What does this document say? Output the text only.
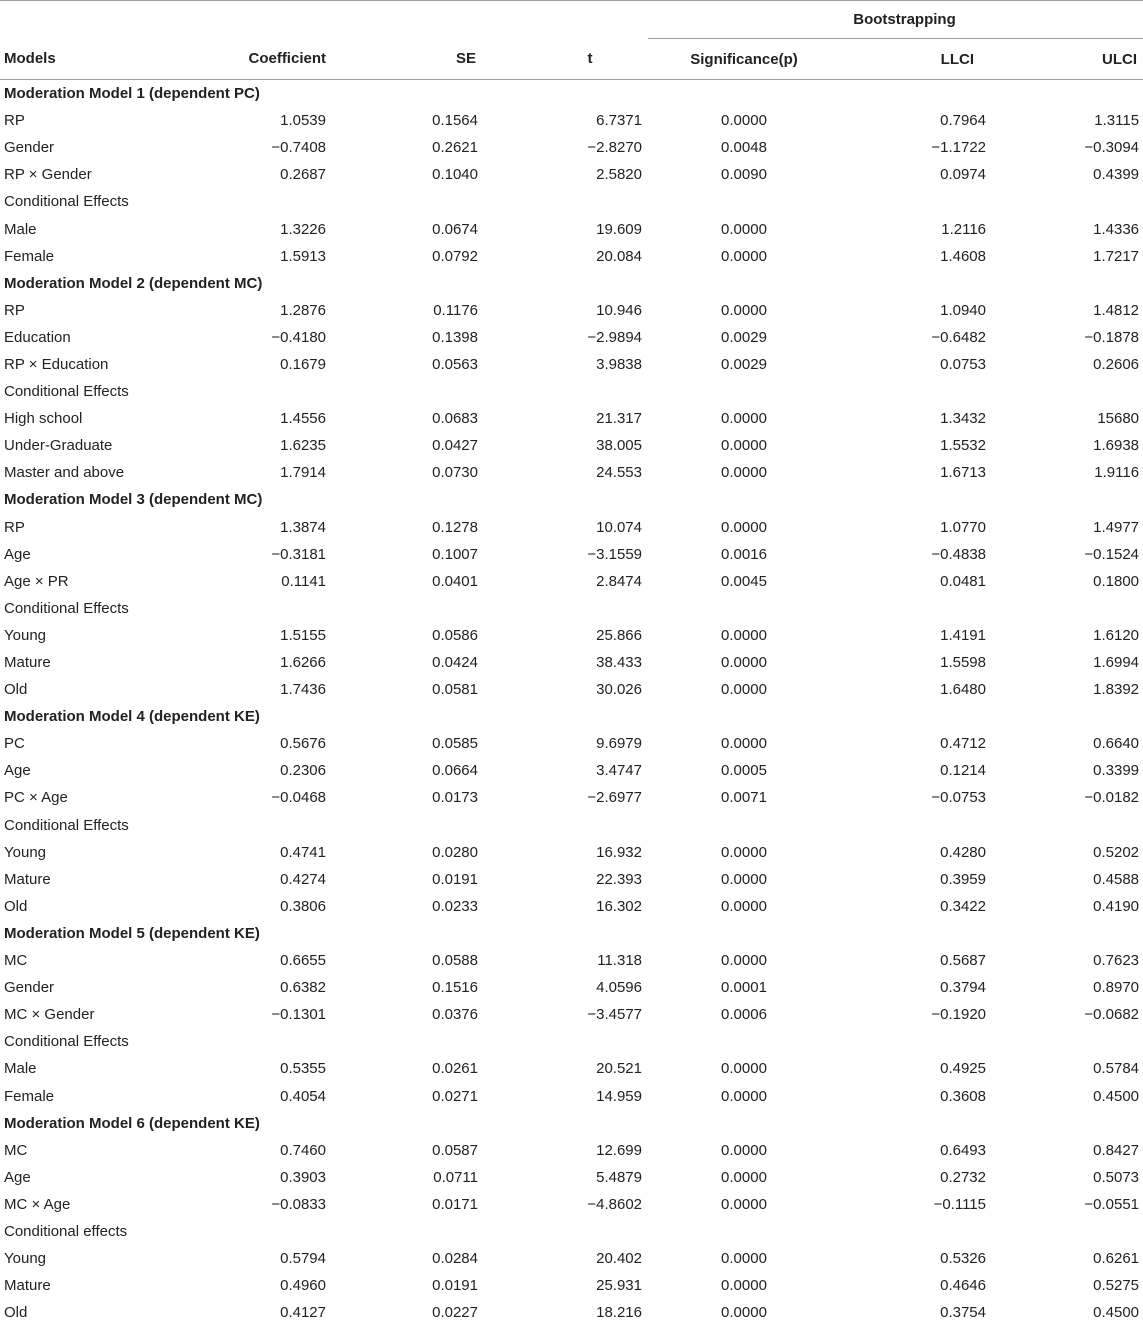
				Bootstrapping		
Models	Coefficient	SE	t	Significance(p)	LLCI	ULCI
Moderation Model 1 (dependent PC)						
RP	1.0539	0.1564	6.7371	0.0000	0.7964	1.3115
Gender	−0.7408	0.2621	−2.8270	0.0048	−1.1722	−0.3094
RP × Gender	0.2687	0.1040	2.5820	0.0090	0.0974	0.4399
Conditional Effects						
Male	1.3226	0.0674	19.609	0.0000	1.2116	1.4336
Female	1.5913	0.0792	20.084	0.0000	1.4608	1.7217
Moderation Model 2 (dependent MC)						
RP	1.2876	0.1176	10.946	0.0000	1.0940	1.4812
Education	−0.4180	0.1398	−2.9894	0.0029	−0.6482	−0.1878
RP × Education	0.1679	0.0563	3.9838	0.0029	0.0753	0.2606
Conditional Effects						
High school	1.4556	0.0683	21.317	0.0000	1.3432	15680
Under-Graduate	1.6235	0.0427	38.005	0.0000	1.5532	1.6938
Master and above	1.7914	0.0730	24.553	0.0000	1.6713	1.9116
Moderation Model 3 (dependent MC)						
RP	1.3874	0.1278	10.074	0.0000	1.0770	1.4977
Age	−0.3181	0.1007	−3.1559	0.0016	−0.4838	−0.1524
Age × PR	0.1141	0.0401	2.8474	0.0045	0.0481	0.1800
Conditional Effects						
Young	1.5155	0.0586	25.866	0.0000	1.4191	1.6120
Mature	1.6266	0.0424	38.433	0.0000	1.5598	1.6994
Old	1.7436	0.0581	30.026	0.0000	1.6480	1.8392
Moderation Model 4 (dependent KE)						
PC	0.5676	0.0585	9.6979	0.0000	0.4712	0.6640
Age	0.2306	0.0664	3.4747	0.0005	0.1214	0.3399
PC × Age	−0.0468	0.0173	−2.6977	0.0071	−0.0753	−0.0182
Conditional Effects						
Young	0.4741	0.0280	16.932	0.0000	0.4280	0.5202
Mature	0.4274	0.0191	22.393	0.0000	0.3959	0.4588
Old	0.3806	0.0233	16.302	0.0000	0.3422	0.4190
Moderation Model 5 (dependent KE)						
MC	0.6655	0.0588	11.318	0.0000	0.5687	0.7623
Gender	0.6382	0.1516	4.0596	0.0001	0.3794	0.8970
MC × Gender	−0.1301	0.0376	−3.4577	0.0006	−0.1920	−0.0682
Conditional Effects						
Male	0.5355	0.0261	20.521	0.0000	0.4925	0.5784
Female	0.4054	0.0271	14.959	0.0000	0.3608	0.4500
Moderation Model 6 (dependent KE)						
MC	0.7460	0.0587	12.699	0.0000	0.6493	0.8427
Age	0.3903	0.0711	5.4879	0.0000	0.2732	0.5073
MC × Age	−0.0833	0.0171	−4.8602	0.0000	−0.1115	−0.0551
Conditional effects						
Young	0.5794	0.0284	20.402	0.0000	0.5326	0.6261
Mature	0.4960	0.0191	25.931	0.0000	0.4646	0.5275
Old	0.4127	0.0227	18.216	0.0000	0.3754	0.4500
